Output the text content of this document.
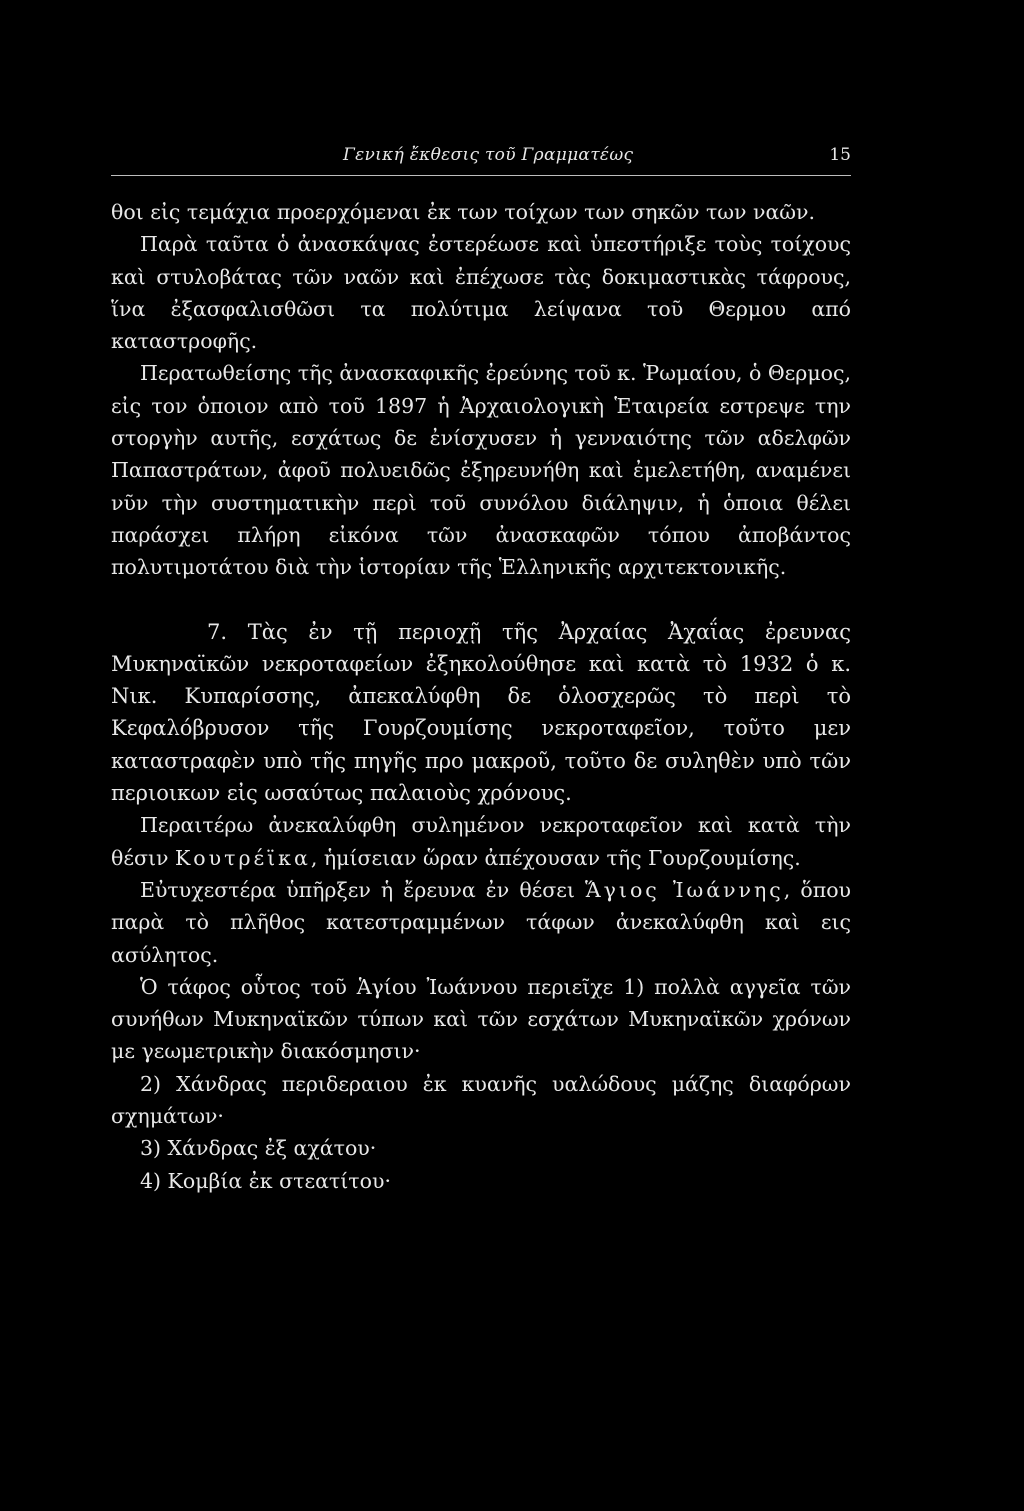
Γενική ἔκθεσις τοῦ Γραμματέως	15

θοι εἰς τεμάχια προερχόμεναι ἐκ των τοίχων των σηκῶν των ναῶν.

Παρὰ ταῦτα ὁ ἀνασκάψας ἐστερέωσε καὶ ὑπεστήριξε τοὺς τοίχους καὶ στυλοβάτας τῶν ναῶν καὶ ἐπέχωσε τὰς δοκιμαστικὰς τάφρους, ἵνα ἐξασφαλισθῶσι τα πολύτιμα λείψανα τοῦ Θερμου από καταστροφῆς.

Περατωθείσης τῆς ἀνασκαφικῆς ἐρεύνης τοῦ κ. Ῥωμαίου, ὁ Θερμος, εἰς τον ὁποιον απὸ τοῦ 1897 ἡ Ἀρχαιολογικὴ Ἑταιρεία εστρεψε την στοργὴν αυτῆς, εσχάτως δε ἐνίσχυσεν ἡ γενναιότης τῶν αδελφῶν Παπαστράτων, ἀφοῦ πολυειδῶς ἐξηρευνήθη καὶ ἐμελετήθη, αναμένει νῦν τὴν συστηματικὴν περὶ τοῦ συνόλου διάληψιν, ἡ ὁποια θέλει παράσχει πλήρη εἰκόνα τῶν ἀνασκαφῶν τόπου ἀποβάντος πολυτιμοτάτου διὰ τὴν ἱστορίαν τῆς Ἑλληνικῆς αρχιτεκτονικῆς.

7. Τὰς ἐν τῇ περιοχῇ τῆς Ἀρχαίας Ἀχαΐας ἐρευνας Μυκηναϊκῶν νεκροταφείων ἐξηκολούθησε καὶ κατὰ τὸ 1932 ὁ κ. Νικ. Κυπαρίσσης, ἀπεκαλύφθη δε ὁλοσχερῶς τὸ περὶ τὸ Κεφαλόβρυσον τῆς Γουρζουμίσης νεκροταφεῖον, τοῦτο μεν καταστραφὲν υπὸ τῆς πηγῆς προ μακροῦ, τοῦτο δε συληθὲν υπὸ τῶν περιοικων εἰς ωσαύτως παλαιοὺς χρόνους.

Περαιτέρω ἀνεκαλύφθη συλημένον νεκροταφεῖον καὶ κατὰ τὴν θέσιν Κουτρέϊκα, ἡμίσειαν ὥραν ἀπέχουσαν τῆς Γουρζουμίσης.

Εὐτυχεστέρα ὑπῆρξεν ἡ ἔρευνα ἐν θέσει Ἅγιος Ἰωάννης, ὅπου παρὰ τὸ πλῆθος κατεστραμμένων τάφων ἀνεκαλύφθη καὶ εις ασύλητος.

Ὁ τάφος οὗτος τοῦ Ἁγίου Ἰωάννου περιεῖχε 1) πολλὰ αγγεῖα τῶν συνήθων Μυκηναϊκῶν τύπων καὶ τῶν εσχάτων Μυκηναϊκῶν χρόνων με γεωμετρικὴν διακόσμησιν·

2) Χάνδρας περιδεραιου ἐκ κυανῆς υαλώδους μάζης διαφόρων σχημάτων·

3) Χάνδρας ἐξ αχάτου·

4) Κομβία ἐκ στεατίτου·
